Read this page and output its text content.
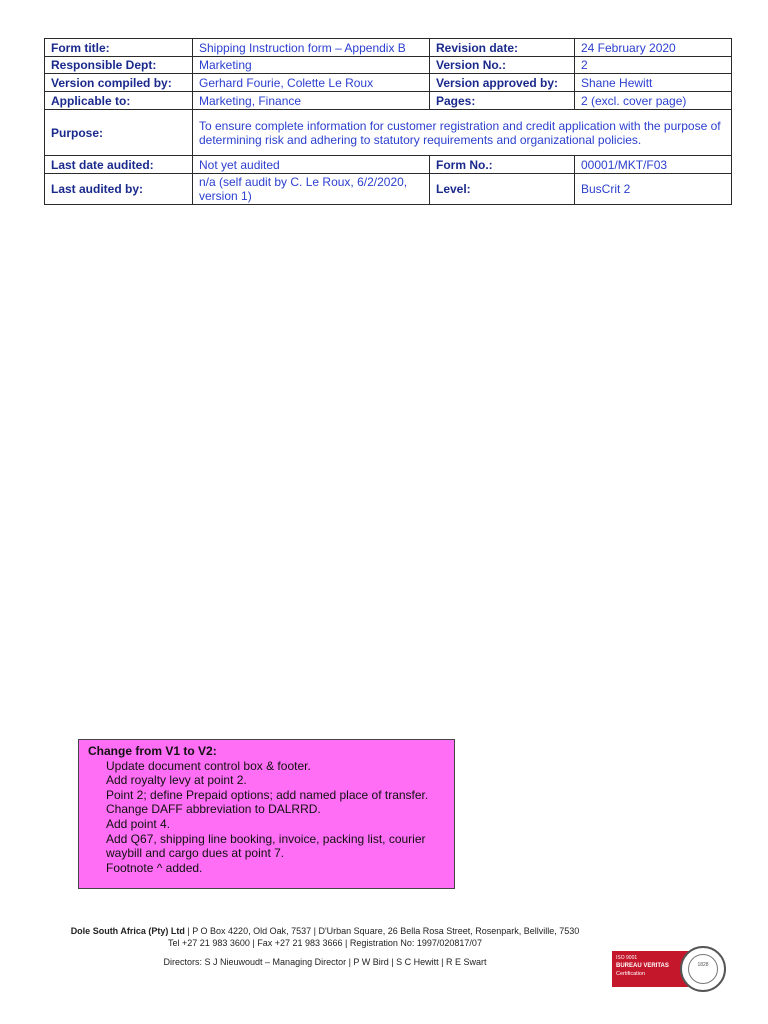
Form title:	Shipping Instruction form – Appendix B	Revision date:	24 February 2020
Responsible Dept:	Marketing	Version No.:	2
Version compiled by:	Gerhard Fourie, Colette Le Roux	Version approved by:	Shane Hewitt
Applicable to:	Marketing, Finance	Pages:	2 (excl. cover page)
Purpose:	To ensure complete information for customer registration and credit application with the purpose of determining risk and adhering to statutory requirements and organizational policies.		
Last date audited:	Not yet audited	Form No.:	00001/MKT/F03
Last audited by:	n/a (self audit by C. Le Roux, 6/2/2020, version 1)	Level:	BusCrit 2
Change from V1 to V2:
Update document control box & footer.
Add royalty levy at point 2.
Point 2; define Prepaid options; add named place of transfer.
Change DAFF abbreviation to DALRRD.
Add point 4.
Add Q67, shipping line booking, invoice, packing list, courier waybill and cargo dues at point 7.
Footnote ^ added.
Dole South Africa (Pty) Ltd | P O Box 4220, Old Oak, 7537 | D'Urban Square, 26 Bella Rosa Street, Rosenpark, Bellville, 7530
Tel +27 21 983 3600 | Fax +27 21 983 3666 | Registration No: 1997/020817/07
Directors: S J Nieuwoudt – Managing Director | P W Bird | S C Hewitt | R E Swart	ISO 9001
BUREAU VERITAS
Certification
1828
